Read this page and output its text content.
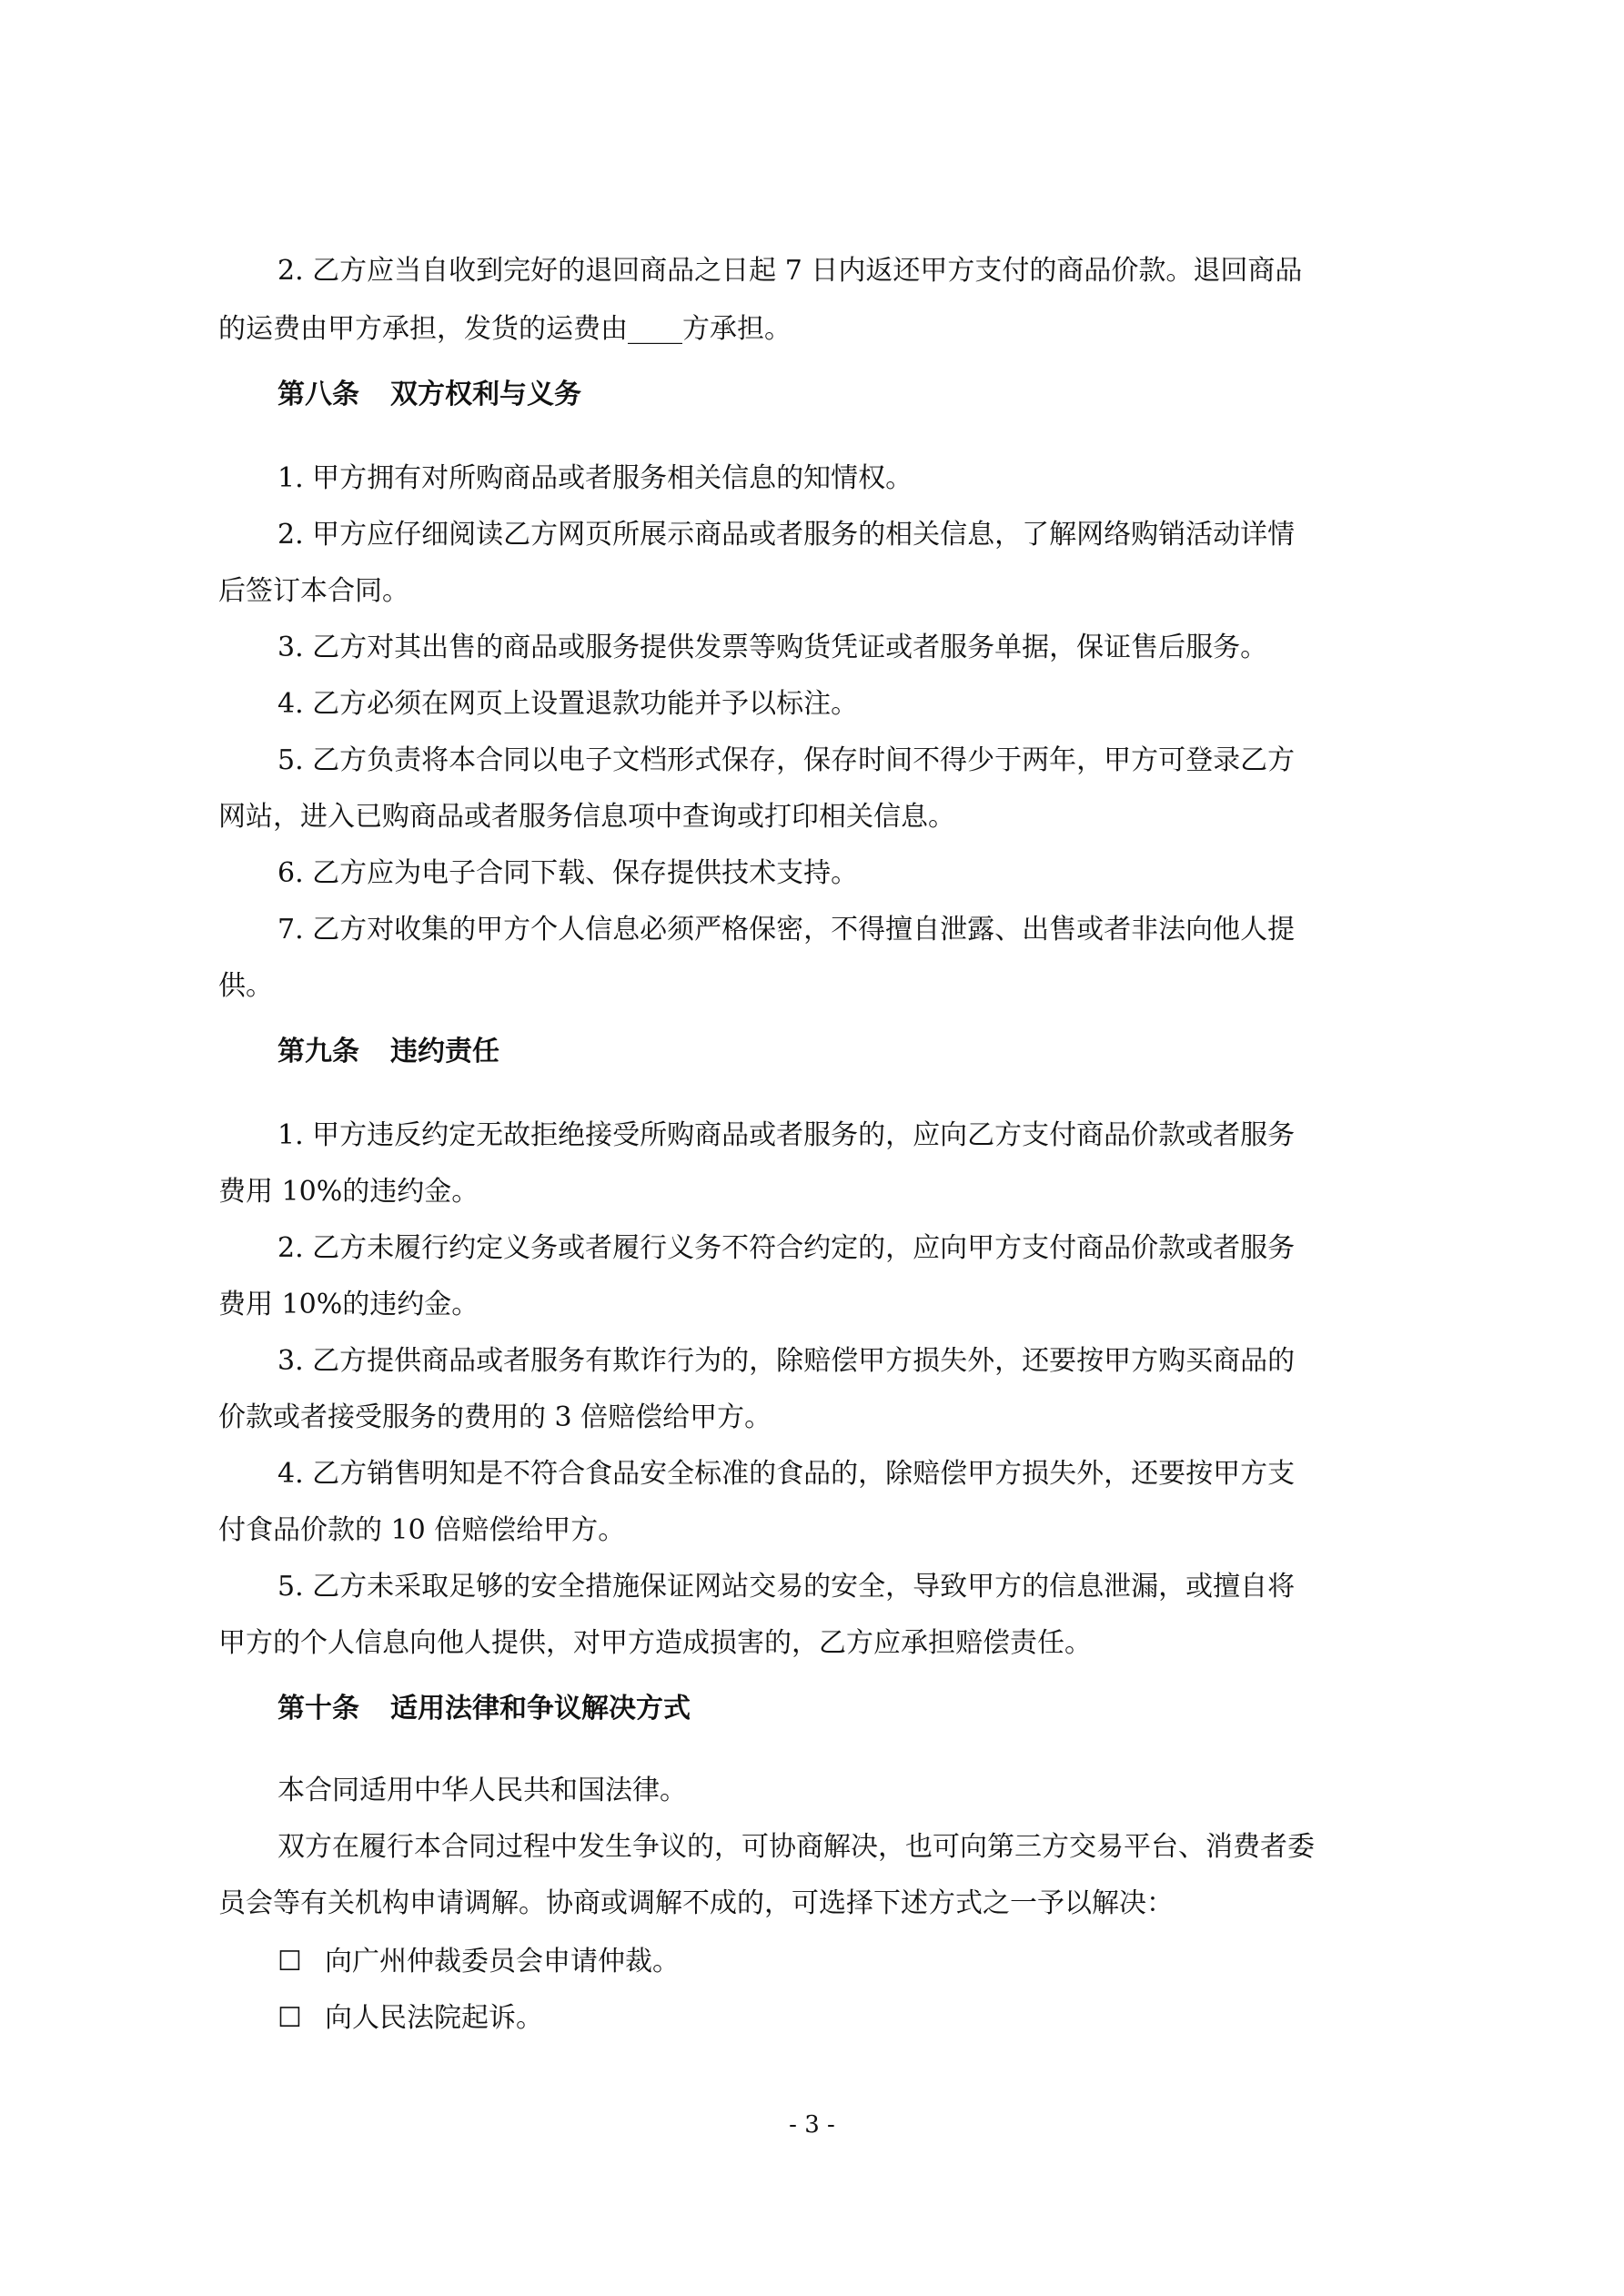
2. 乙方应当自收到完好的退回商品之日起 7 日内返还甲方支付的商品价款。退回商品
的运费由甲方承担，发货的运费由____方承担。
第八条 双方权利与义务
1. 甲方拥有对所购商品或者服务相关信息的知情权。
2. 甲方应仔细阅读乙方网页所展示商品或者服务的相关信息，了解网络购销活动详情
后签订本合同。
3. 乙方对其出售的商品或服务提供发票等购货凭证或者服务单据，保证售后服务。
4. 乙方必须在网页上设置退款功能并予以标注。
5. 乙方负责将本合同以电子文档形式保存，保存时间不得少于两年，甲方可登录乙方
网站，进入已购商品或者服务信息项中查询或打印相关信息。
6. 乙方应为电子合同下载、保存提供技术支持。
7. 乙方对收集的甲方个人信息必须严格保密，不得擅自泄露、出售或者非法向他人提
供。
第九条 违约责任
1. 甲方违反约定无故拒绝接受所购商品或者服务的，应向乙方支付商品价款或者服务
费用 10%的违约金。
2. 乙方未履行约定义务或者履行义务不符合约定的，应向甲方支付商品价款或者服务
费用 10%的违约金。
3. 乙方提供商品或者服务有欺诈行为的，除赔偿甲方损失外，还要按甲方购买商品的
价款或者接受服务的费用的 3 倍赔偿给甲方。
4. 乙方销售明知是不符合食品安全标准的食品的，除赔偿甲方损失外，还要按甲方支
付食品价款的 10 倍赔偿给甲方。
5. 乙方未采取足够的安全措施保证网站交易的安全，导致甲方的信息泄漏，或擅自将
甲方的个人信息向他人提供，对甲方造成损害的，乙方应承担赔偿责任。
第十条 适用法律和争议解决方式
本合同适用中华人民共和国法律。
双方在履行本合同过程中发生争议的，可协商解决，也可向第三方交易平台、消费者委
员会等有关机构申请调解。协商或调解不成的，可选择下述方式之一予以解决：
☐ 向广州仲裁委员会申请仲裁。
☐ 向人民法院起诉。
- 3 -
